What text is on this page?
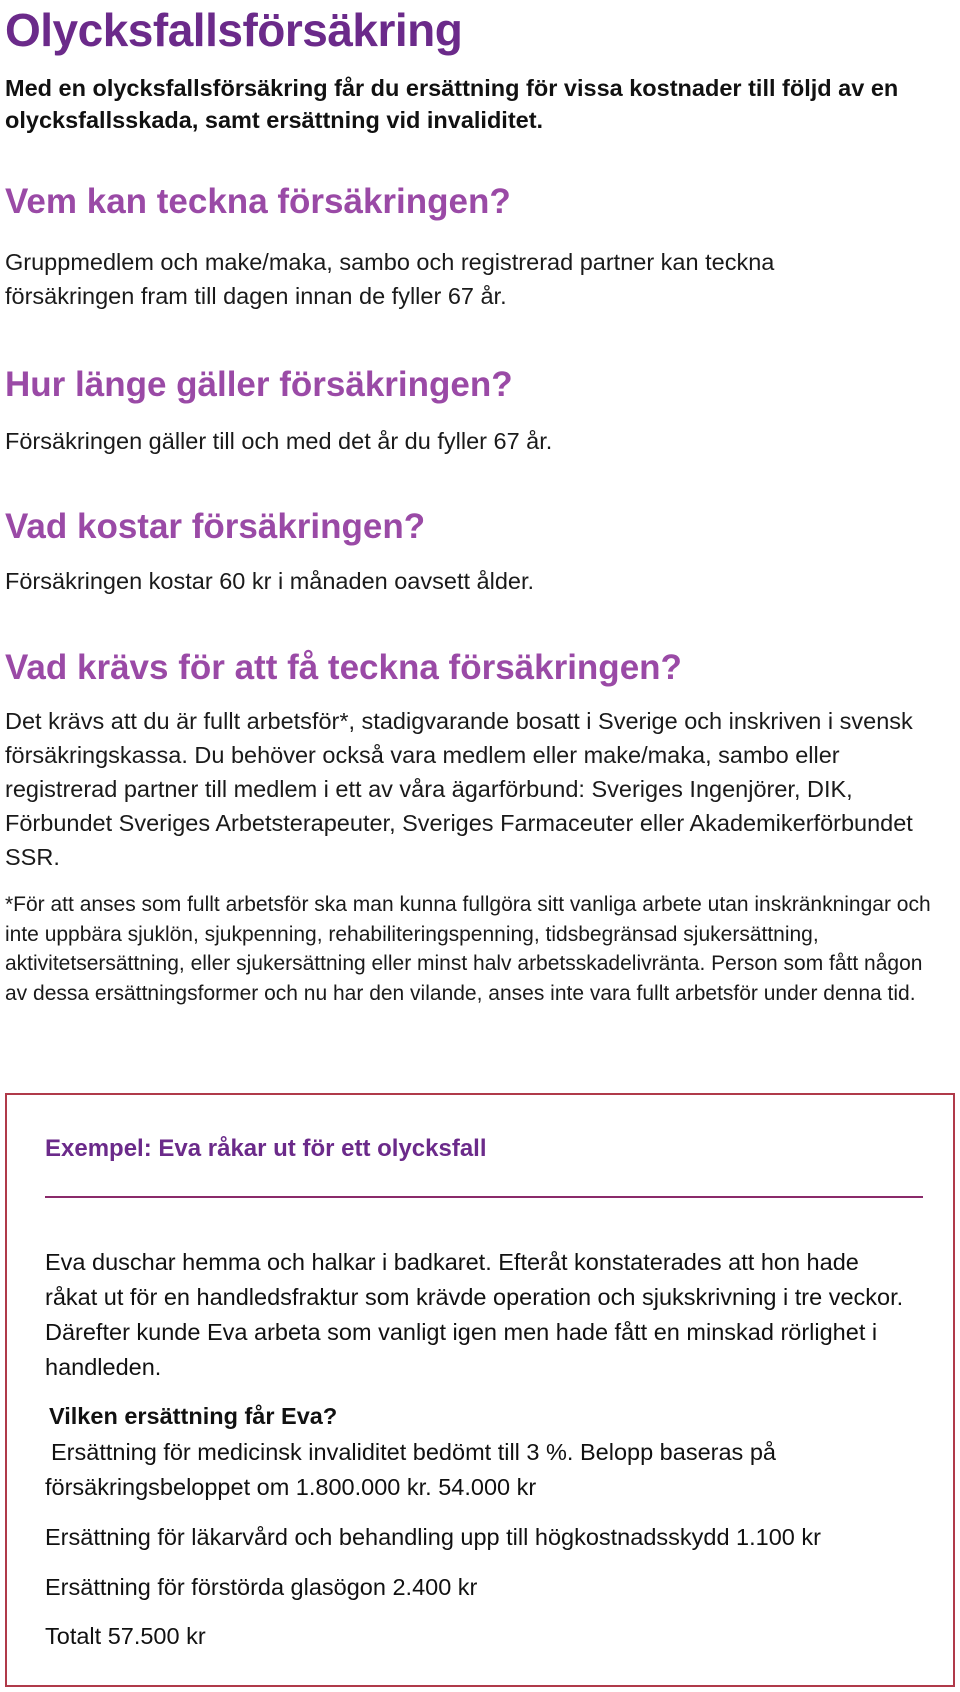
Olycksfallsförsäkring

Med en olycksfallsförsäkring får du ersättning för vissa kostnader till följd av en olycksfallsskada, samt ersättning vid invaliditet.

Vem kan teckna försäkringen?

Gruppmedlem och make/maka, sambo och registrerad partner kan teckna försäkringen fram till dagen innan de fyller 67 år.

Hur länge gäller försäkringen?

Försäkringen gäller till och med det år du fyller 67 år.

Vad kostar försäkringen?

Försäkringen kostar 60 kr i månaden oavsett ålder.

Vad krävs för att få teckna försäkringen?

Det krävs att du är fullt arbetsför*, stadigvarande bosatt i Sverige och inskriven i svensk försäkringskassa. Du behöver också vara medlem eller make/maka, sambo eller registrerad partner till medlem i ett av våra ägarförbund: Sveriges Ingenjörer, DIK, Förbundet Sveriges Arbetsterapeuter, Sveriges Farmaceuter eller Akademikerförbundet SSR.

*För att anses som fullt arbetsför ska man kunna fullgöra sitt vanliga arbete utan inskränkningar och inte uppbära sjuklön, sjukpenning, rehabiliteringspenning, tidsbegränsad sjukersättning, aktivitetsersättning, eller sjukersättning eller minst halv arbetsskadelivränta. Person som fått någon av dessa ersättningsformer och nu har den vilande, anses inte vara fullt arbetsför under denna tid.

Exempel: Eva råkar ut för ett olycksfall

Eva duschar hemma och halkar i badkaret. Efteråt konstaterades att hon hade råkat ut för en handledsfraktur som krävde operation och sjukskrivning i tre veckor. Därefter kunde Eva arbeta som vanligt igen men hade fått en minskad rörlighet i handleden.

Vilken ersättning får Eva?

Ersättning för medicinsk invaliditet bedömt till 3 %. Belopp baseras på

försäkringsbeloppet om 1.800.000 kr. 54.000 kr

Ersättning för läkarvård och behandling upp till högkostnadsskydd 1.100 kr

Ersättning för förstörda glasögon 2.400 kr

Totalt 57.500 kr
